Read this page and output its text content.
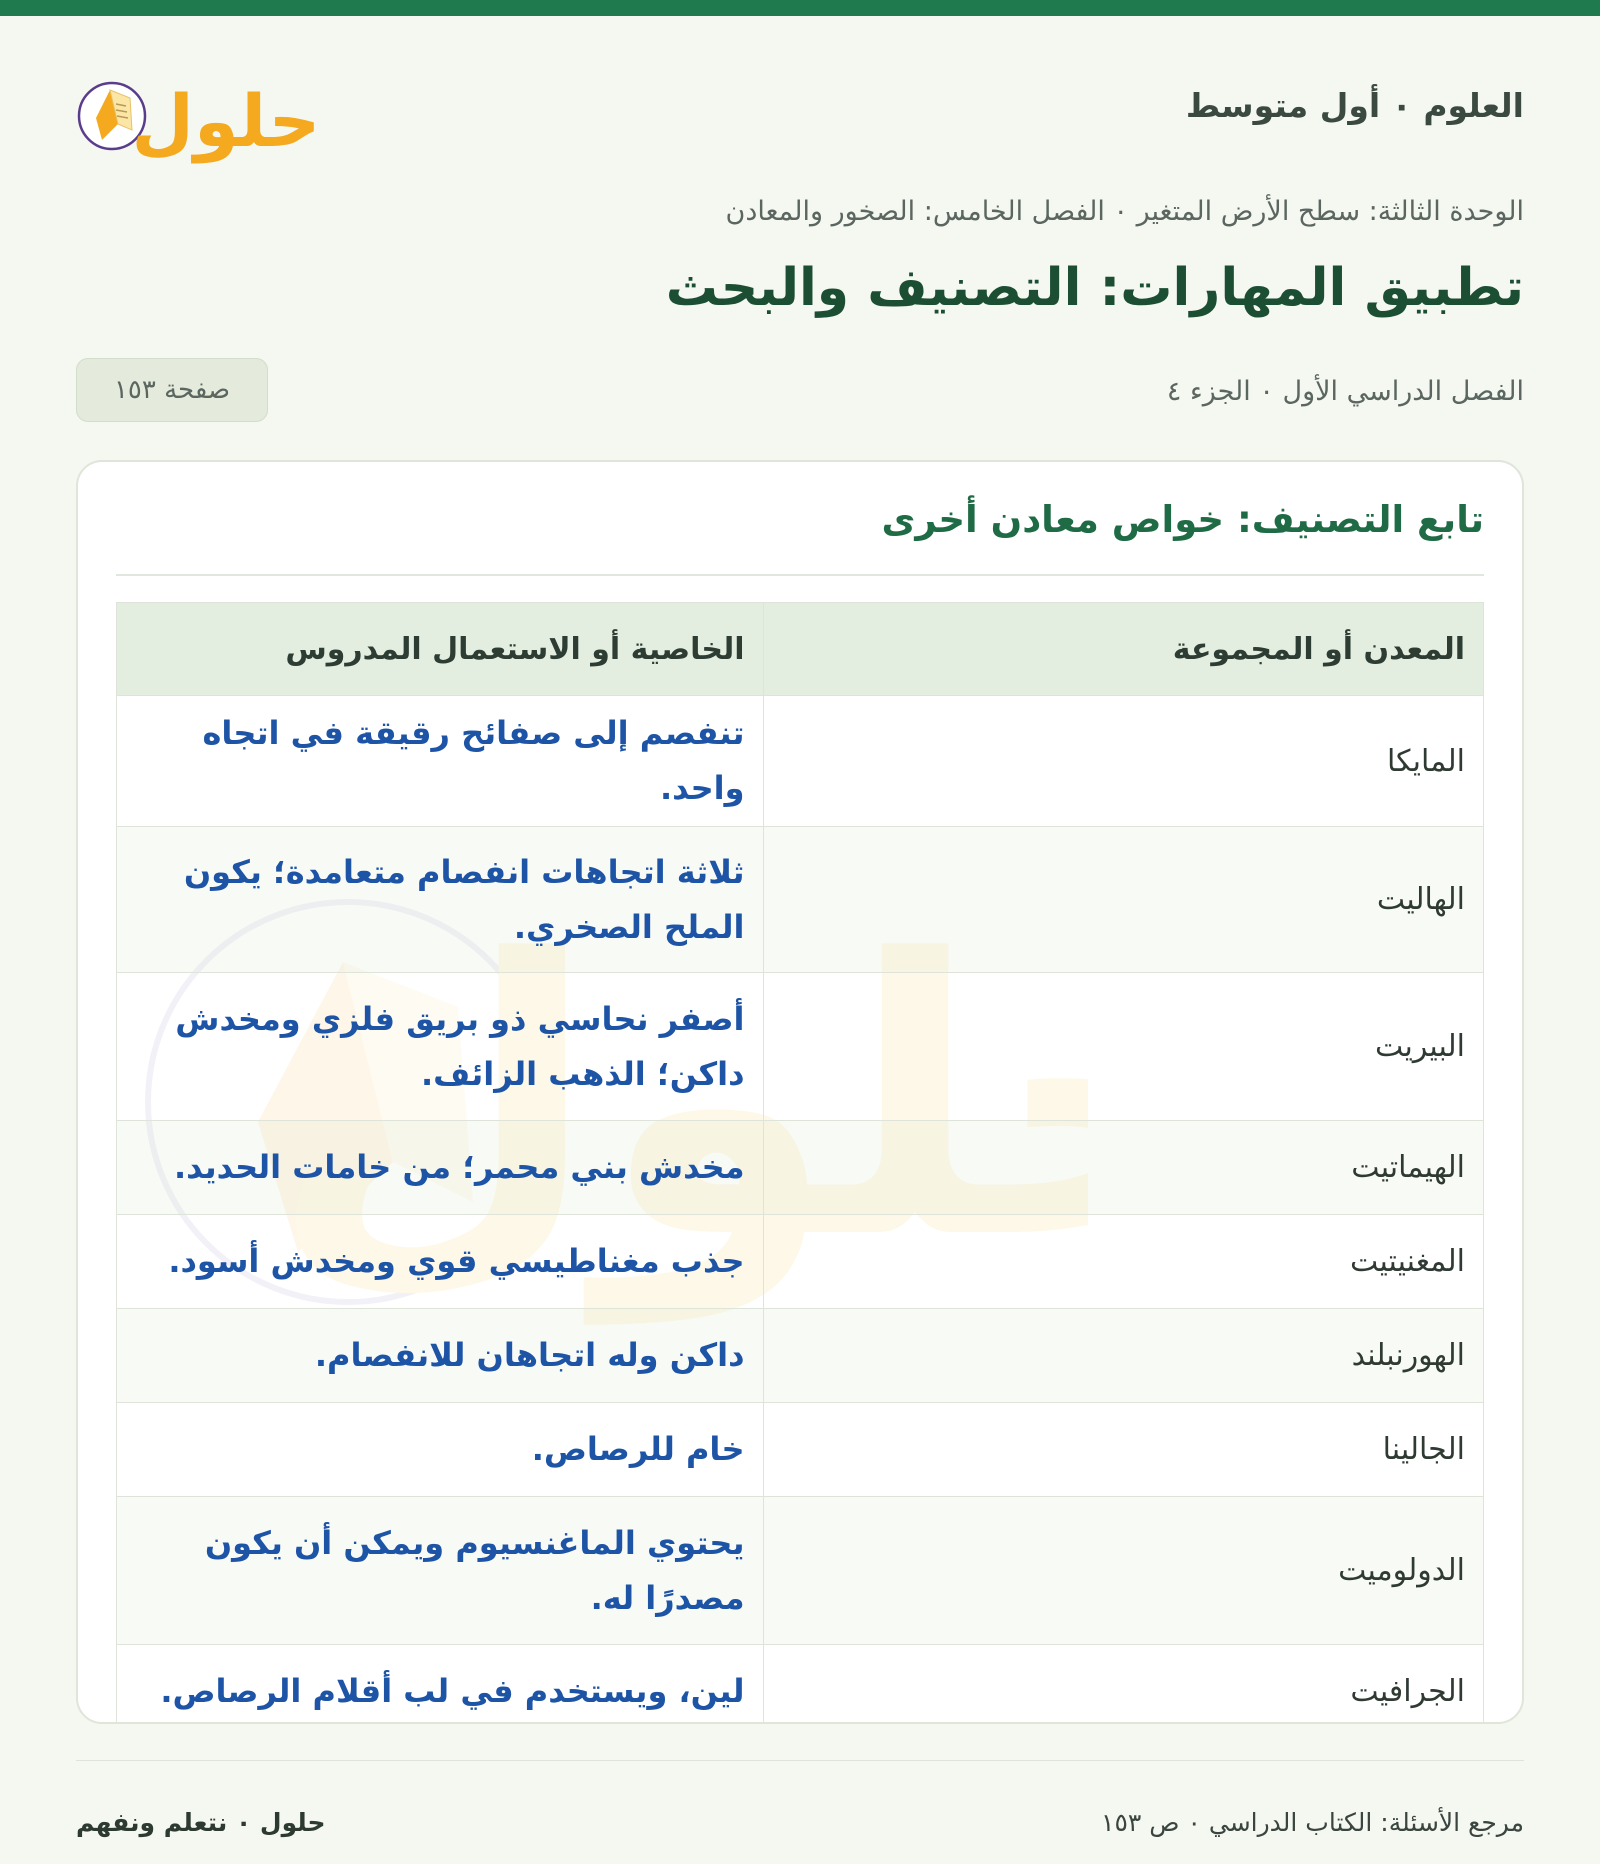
العلوم ٠ أول متوسط
حلول
الوحدة الثالثة: سطح الأرض المتغير ٠ الفصل الخامس: الصخور والمعادن
تطبيق المهارات: التصنيف والبحث
الفصل الدراسي الأول ٠ الجزء ٤
صفحة ١٥٣
تابع التصنيف: خواص معادن أخرى
المعدن أو المجموعة	الخاصية أو الاستعمال المدروس
المايكا	تنفصم إلى صفائح رقيقة في اتجاه واحد.
الهاليت	ثلاثة اتجاهات انفصام متعامدة؛ يكون الملح الصخري.
البيريت	أصفر نحاسي ذو بريق فلزي ومخدش داكن؛ الذهب الزائف.
الهيماتيت	مخدش بني محمر؛ من خامات الحديد.
المغنيتيت	جذب مغناطيسي قوي ومخدش أسود.
الهورنبلند	داكن وله اتجاهان للانفصام.
الجالينا	خام للرصاص.
الدولوميت	يحتوي الماغنسيوم ويمكن أن يكون مصدرًا له.
الجرافيت	لين، ويستخدم في لب أقلام الرصاص.
مرجع الأسئلة: الكتاب الدراسي ٠ ص ١٥٣
حلول ٠ نتعلم ونفهم
